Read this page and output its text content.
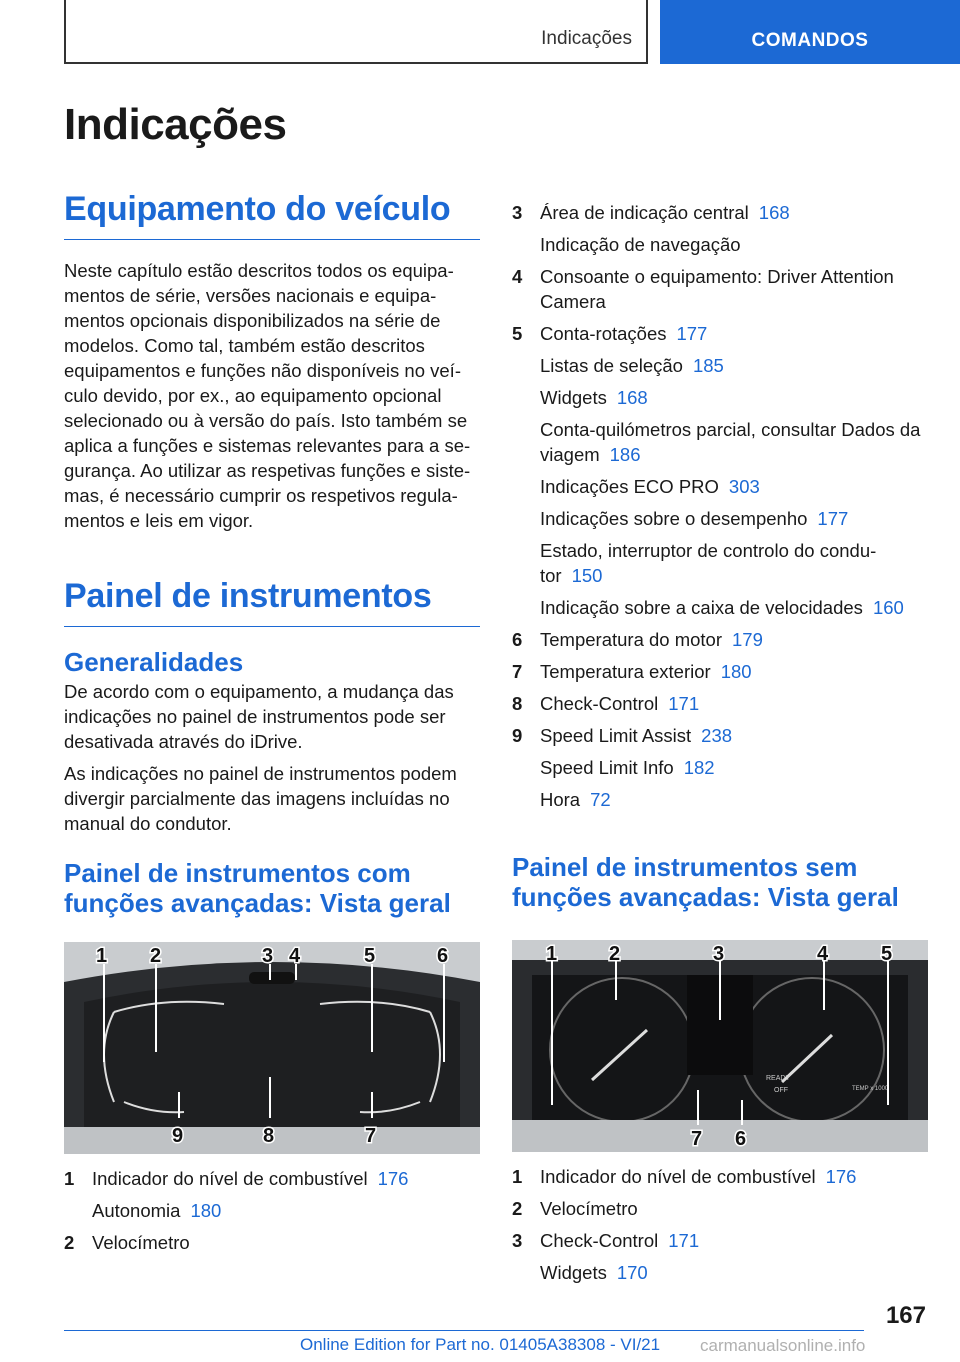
Indicações	COMANDOS
Indicações
Equipamento do veículo

Neste capítulo estão descritos todos os equipamentos de série, versões nacionais e equipamentos opcionais disponibilizados na série de modelos. Como tal, também estão descritos equipamentos e funções não disponíveis no veículo devido, por ex., ao equipamento opcional selecionado ou à versão do país. Isto também se aplica a funções e sistemas relevantes para a segurança. Ao utilizar as respetivas funções e sistemas, é necessário cumprir os respetivos regulamentos e leis em vigor.

Painel de instrumentos
Generalidades

De acordo com o equipamento, a mudança das indicações no painel de instrumentos pode ser desativada através do iDrive.

As indicações no painel de instrumentos podem divergir parcialmente das imagens incluídas no manual do condutor.

Painel de instrumentos com funções avançadas: Vista geral
1 2	3 4	5	6
9	8	7
1 Indicador do nível de combustível 176
Autonomia 180
2 Velocímetro
3 Área de indicação central 168
Indicação de navegação
4 Consoante o equipamento: Driver Attention Camera
5 Conta-rotações 177
Listas de seleção 185
Widgets 168
Conta-quilómetros parcial, consultar Dados da viagem 186
Indicações ECO PRO 303
Indicações sobre o desempenho 177
Estado, interruptor de controlo do condutor 150
Indicação sobre a caixa de velocidades 160
6 Temperatura do motor 179
7 Temperatura exterior 180
8 Check-Control 171
9 Speed Limit Assist 238
Speed Limit Info 182
Hora 72
Painel de instrumentos sem funções avançadas: Vista geral
READY
OFF	TEMP x 1000
1	2	3	4	5
7 6
1 Indicador do nível de combustível 176
2 Velocímetro
3 Check-Control 171
Widgets 170
167
Online Edition for Part no. 01405A38308 - VI/21 carmanualsonline.info
